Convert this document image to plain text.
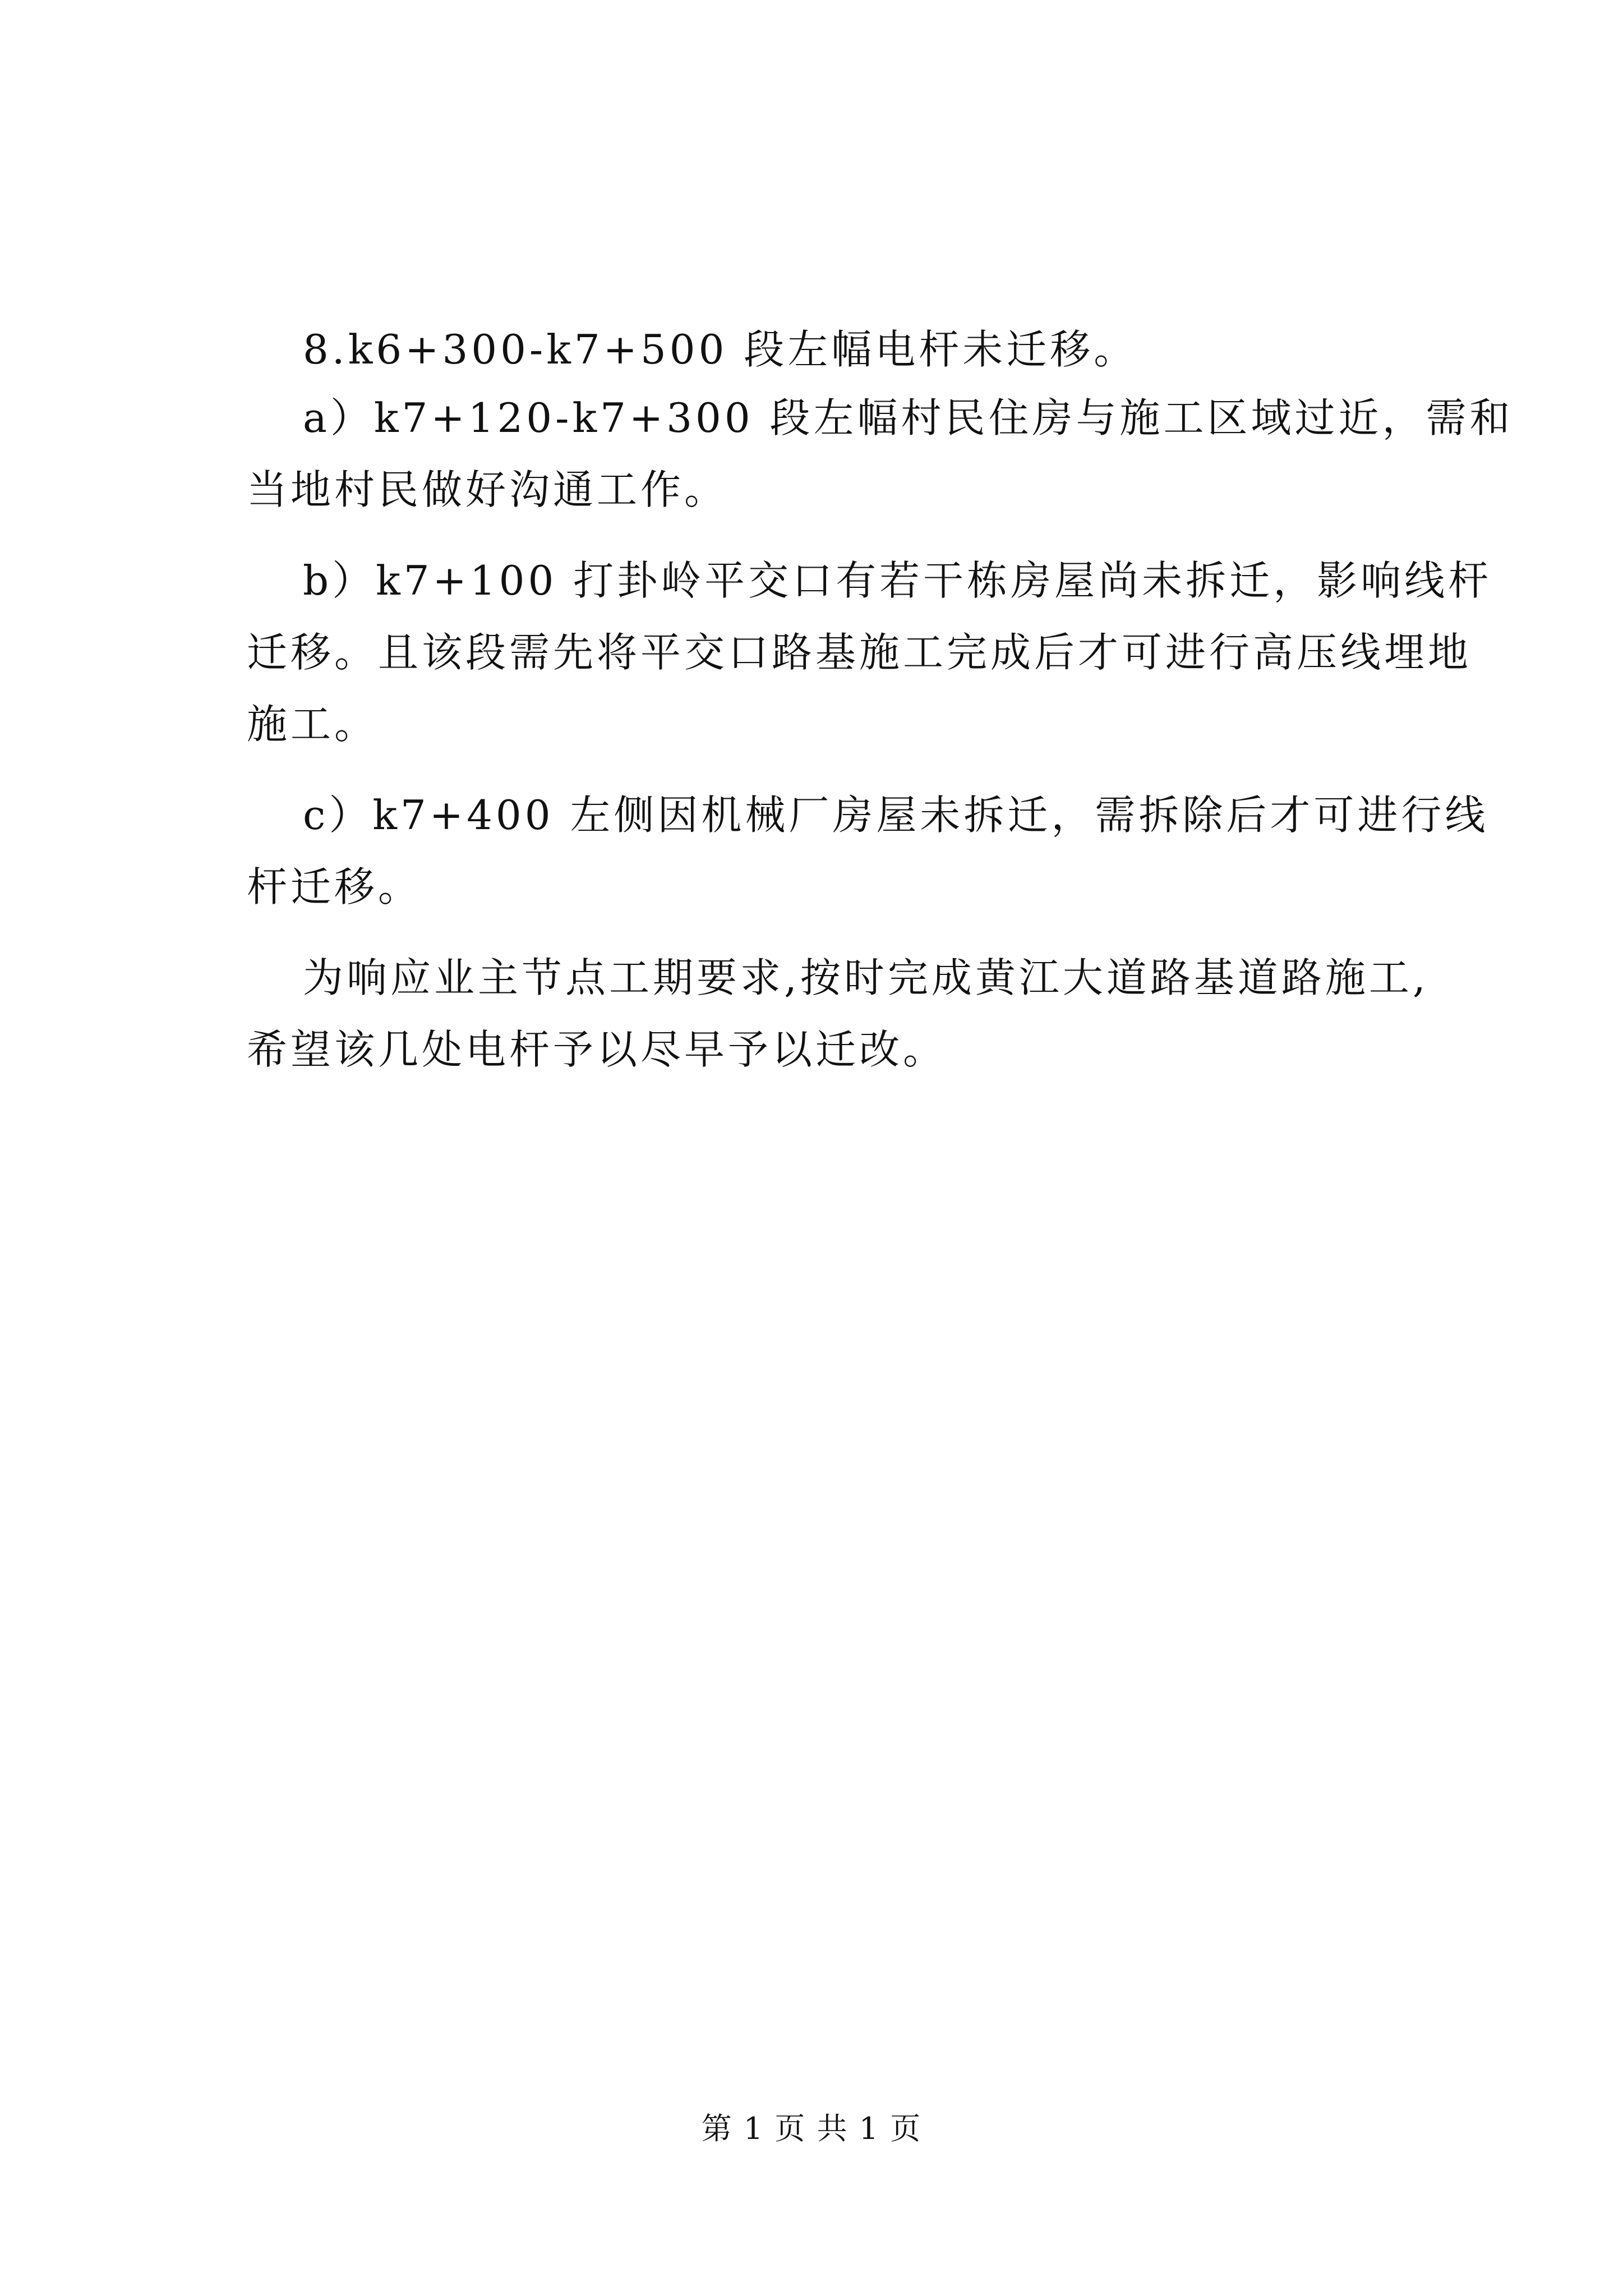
8.k6+300-k7+500 段左幅电杆未迁移。
a）k7+120-k7+300 段左幅村民住房与施工区域过近，需和
当地村民做好沟通工作。
b）k7+100 打卦岭平交口有若干栋房屋尚未拆迁，影响线杆
迁移。且该段需先将平交口路基施工完成后才可进行高压线埋地
施工。
c）k7+400 左侧因机械厂房屋未拆迁，需拆除后才可进行线
杆迁移。
为响应业主节点工期要求,按时完成黄江大道路基道路施工,
希望该几处电杆予以尽早予以迁改。
第 1 页 共 1 页
